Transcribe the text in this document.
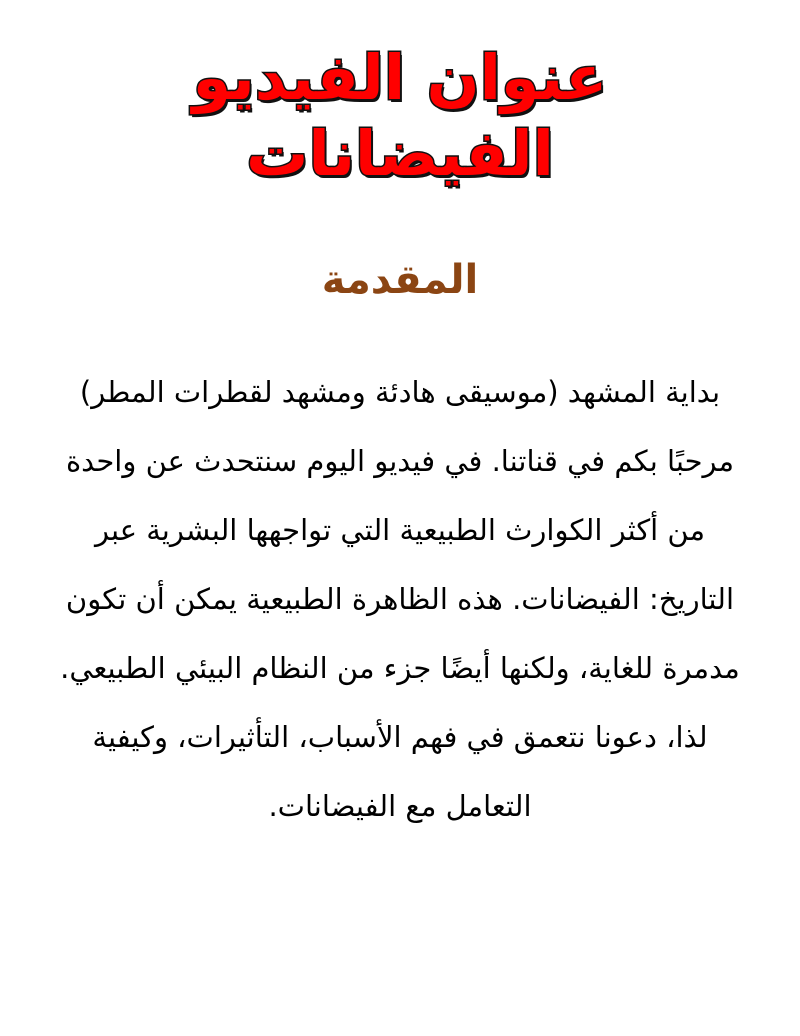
عنوان الفيديو
الفيضانات
المقدمة
بداية المشهد (موسيقى هادئة ومشهد لقطرات المطر)
مرحبًا بكم في قناتنا. في فيديو اليوم سنتحدث عن واحدة
من أكثر الكوارث الطبيعية التي تواجهها البشرية عبر
التاريخ: الفيضانات. هذه الظاهرة الطبيعية يمكن أن تكون
مدمرة للغاية، ولكنها أيضًا جزء من النظام البيئي الطبيعي.
لذا، دعونا نتعمق في فهم الأسباب، التأثيرات، وكيفية
التعامل مع الفيضانات.
